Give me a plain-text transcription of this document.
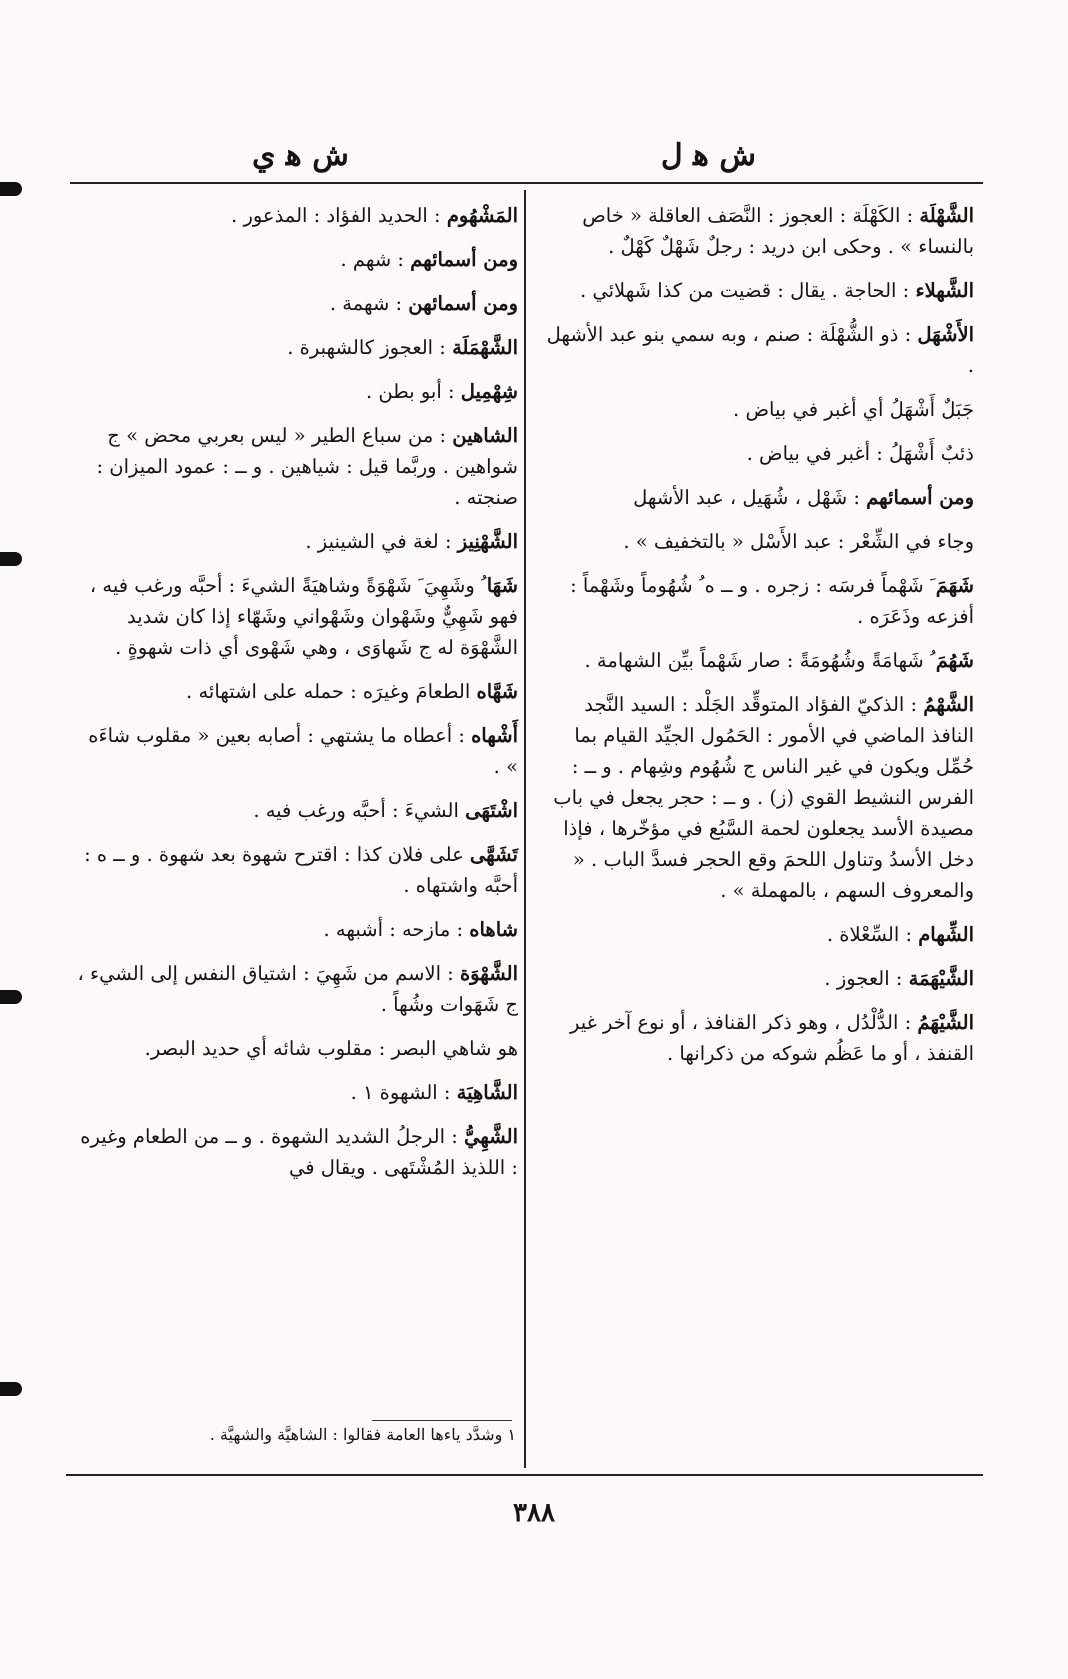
ش ﻫ ل
ش ﻫ ي

الشَّهْلَة : الكَهْلَة : العجوز : النَّصَف العاقلة « خاص بالنساء » . وحكى ابن دريد : رجلٌ شَهْلٌ كَهْلٌ .

الشَّهلاء : الحاجة . يقال : قضيت من كذا شَهلائي .

الأَشْهَل : ذو الشُّهْلَة : صنم ، وبه سمي بنو عبد الأشهل .

جَبَلٌ أَشْهَلُ أي أغبر في بياض .

ذئبٌ أَشْهَلُ : أغبر في بياض .

ومن أسمائهم : شَهْل ، شُهَيل ، عبد الأشهل

وجاء في الشِّعْر : عبد الأَسْل « بالتخفيف » .

شَهَمَ َ شَهْماً فرسَه : زجره . و ــ ه ُ شُهُوماً وشَهْماً : أفزعه وذَعَرَه .

شَهُمَ ُ شَهامَةً وشُهُومَةً : صار شَهْماً بيِّن الشهامة .

الشَّهْمُ : الذكيّ الفؤاد المتوقِّد الجَلْد : السيد النَّجد النافذ الماضي في الأمور : الحَمُول الجيِّد القيام بما حُمِّل ويكون في غير الناس ج شُهُوم وشِهام . و ــ : الفرس النشيط القوي (ز) . و ــ : حجر يجعل في باب مصيدة الأسد يجعلون لحمة السَّبُع في مؤخّرها ، فإذا دخل الأسدُ وتناول اللحمَ وقع الحجر فسدَّ الباب . « والمعروف السهم ، بالمهملة » .

الشِّهام : السِّعْلاة .

الشَّيْهَمَة : العجوز .

الشَّيْهَمُ : الدُّلْدُل ، وهو ذكر القنافذ ، أو نوع آخر غير القنفذ ، أو ما عَظُم شوكه من ذكرانها .

المَشْهُوم : الحديد الفؤاد : المذعور .

ومن أسمائهم : شهم .

ومن أسمائهن : شهمة .

الشَّهْمَلَة : العجوز كالشهبرة .

شِهْمِيل : أبو بطن .

الشاهين : من سباع الطير « ليس بعربي محض » ج شواهين . وربَّما قيل : شياهين . و ــ : عمود الميزان : صنجته .

الشَّهْنِيز : لغة في الشينيز .

شَهَا ُ وشَهِيَ َ شَهْوَةً وشاهيَةً الشيءَ : أحبَّه ورغب فيه ، فهو شَهِيٌّ وشَهْوان وشَهْواني وشَهّاء إذا كان شديد الشَّهْوَة له ج شَهاوَى ، وهي شَهْوى أي ذات شهوةٍ .

شَهَّاه الطعامَ وغيرَه : حمله على اشتهائه .

أَشْهاه : أعطاه ما يشتهي : أصابه بعين « مقلوب شاءَه » .

اشْتَهَى الشيءَ : أحبَّه ورغب فيه .

تَشَهَّى على فلان كذا : اقترح شهوة بعد شهوة . و ــ ه : أحبَّه واشتهاه .

شاهاه : مازحه : أشبهه .

الشَّهْوَة : الاسم من شَهِيَ : اشتياق النفس إلى الشيء ، ج شَهَوات وشُهاً .

هو شاهي البصر : مقلوب شائه أي حديد البصر.

الشَّاهِيَة : الشهوة ١ .

الشَّهِيُّ : الرجلُ الشديد الشهوة . و ــ من الطعام وغيره : اللذيذ المُشْتَهى . ويقال في

١ وشدَّد ياءها العامة فقالوا : الشاهيَّة والشهيَّة .
٣٨٨
